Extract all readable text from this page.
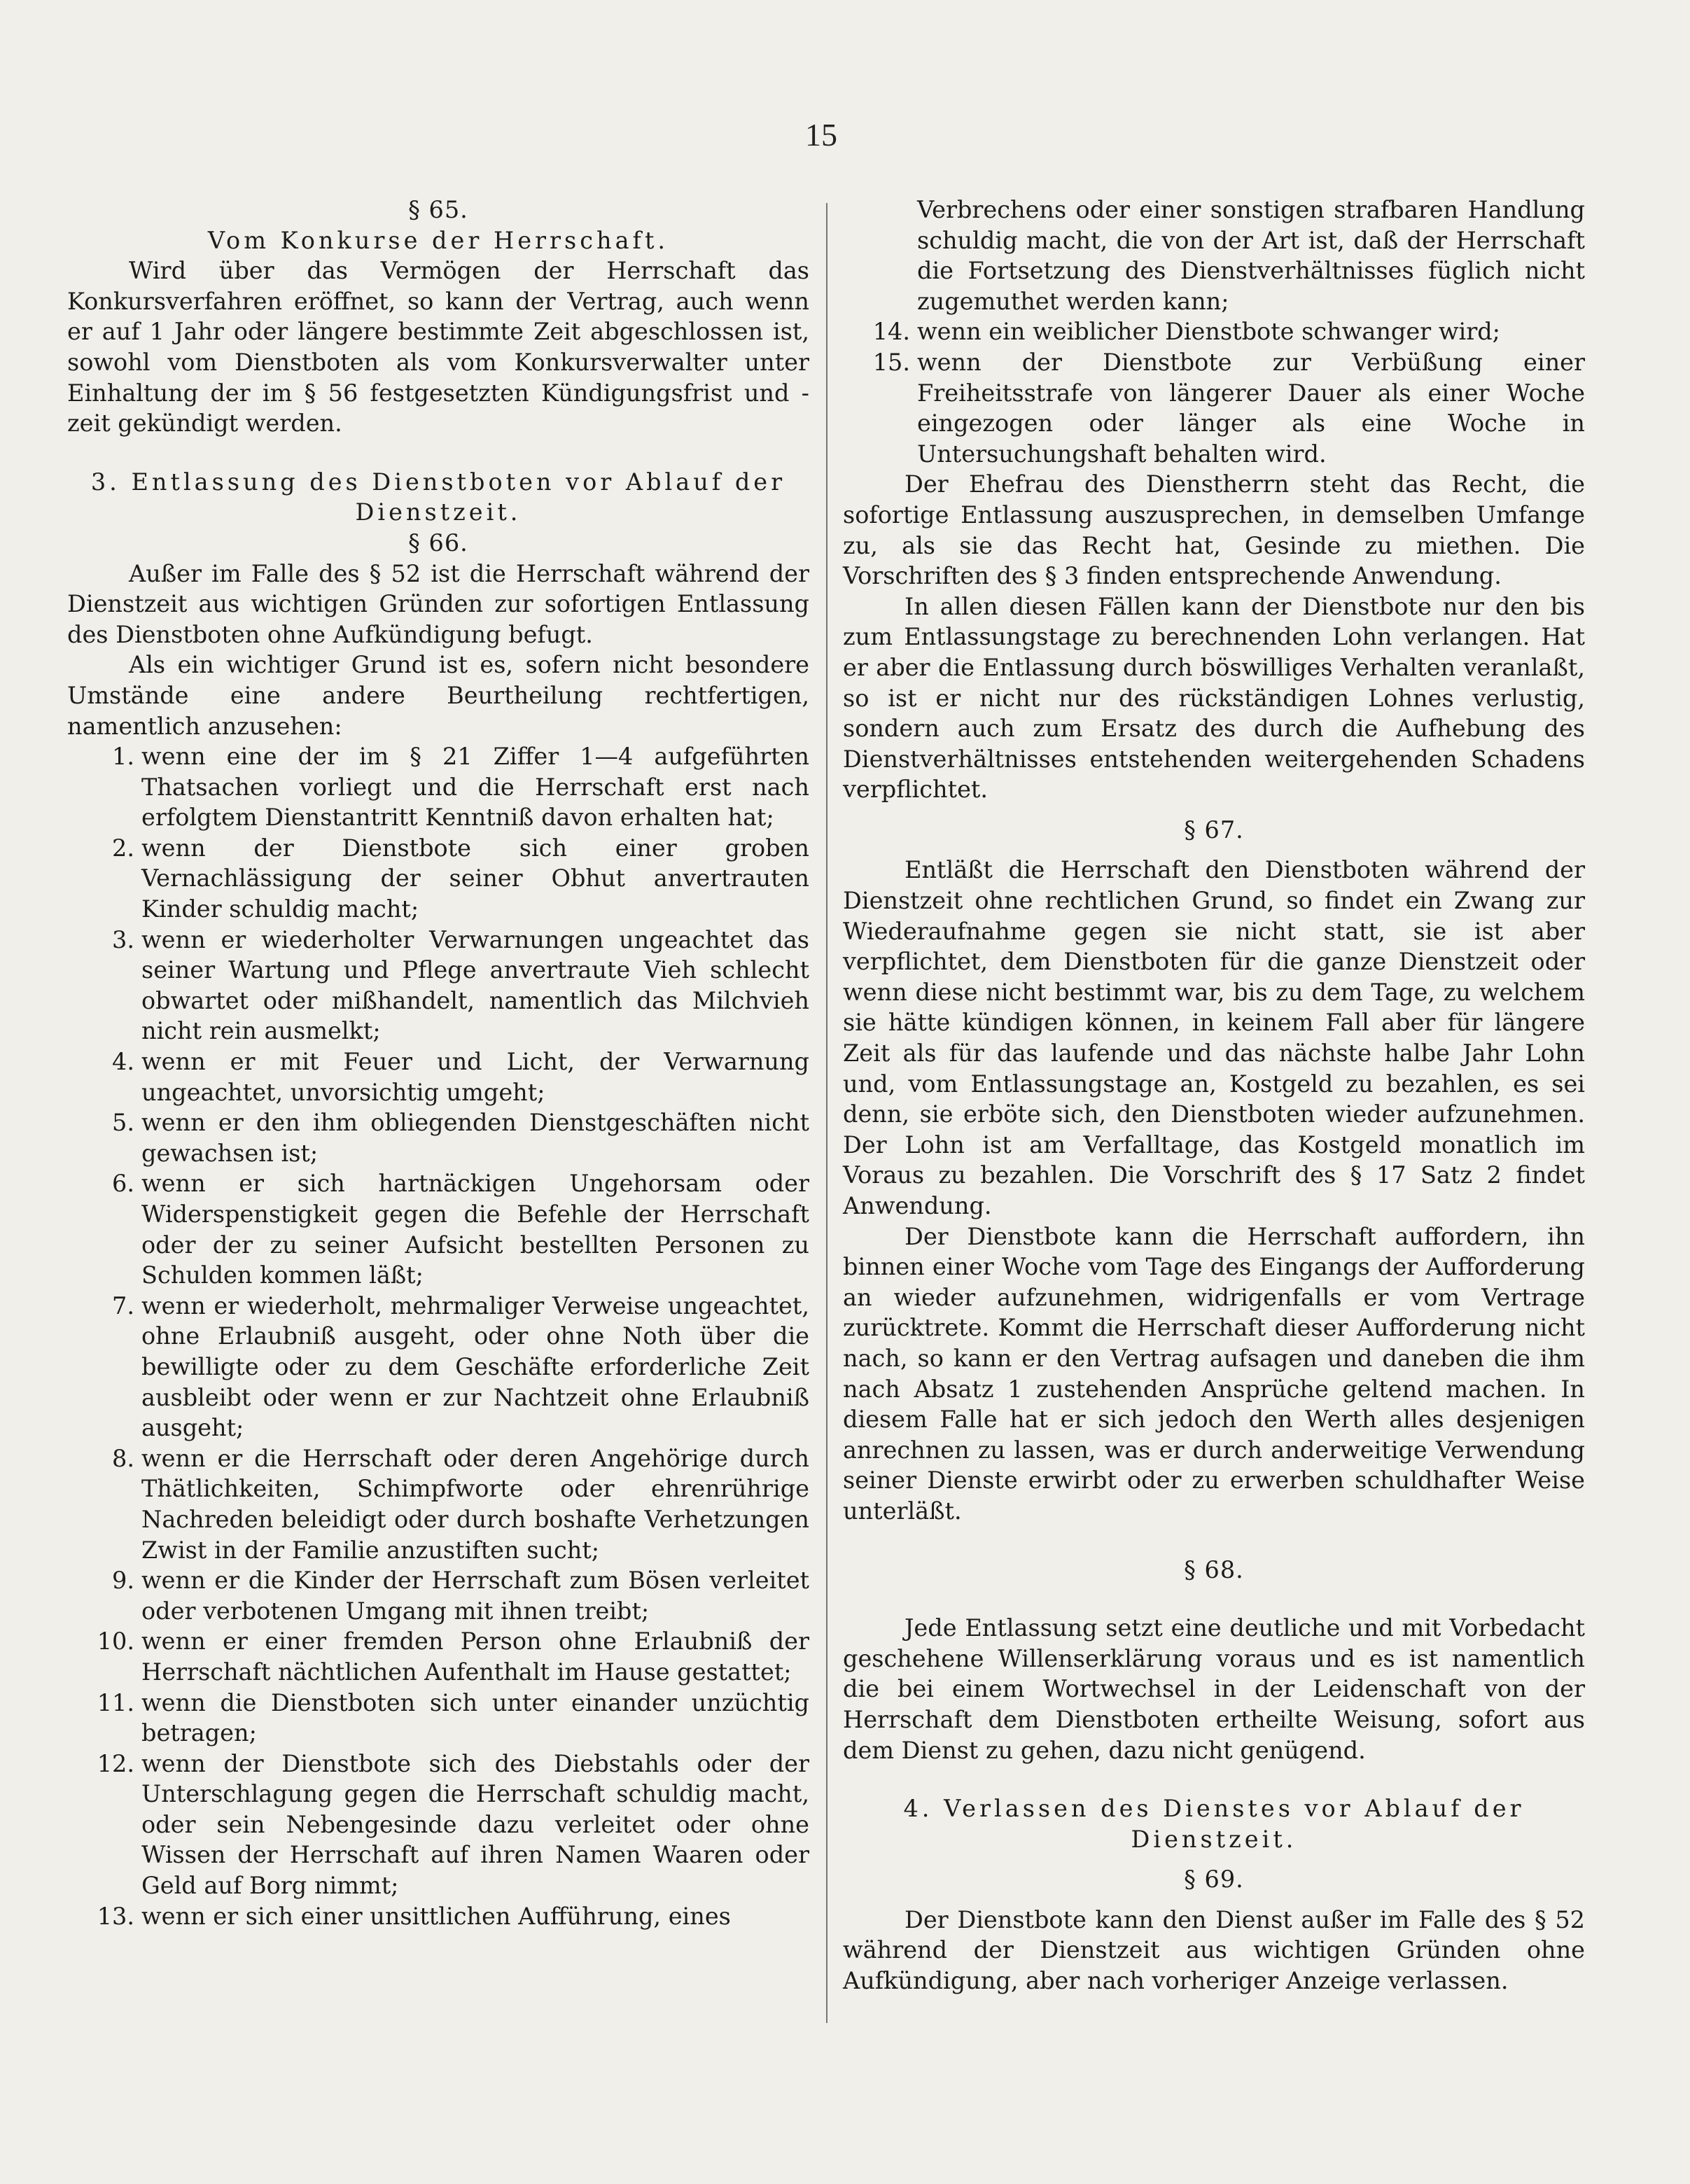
15
§ 65.
Vom Konkurse der Herrschaft.

Wird über das Vermögen der Herrschaft das Konkursverfahren eröffnet, so kann der Vertrag, auch wenn er auf 1 Jahr oder längere bestimmte Zeit abgeschlossen ist, sowohl vom Dienstboten als vom Konkursverwalter unter Einhaltung der im § 56 festgesetzten Kündigungsfrist und -zeit gekündigt werden.

3. Entlassung des Dienstboten vor Ablauf der Dienstzeit.
§ 66.

Außer im Falle des § 52 ist die Herrschaft während der Dienstzeit aus wichtigen Gründen zur sofortigen Entlassung des Dienstboten ohne Aufkündigung befugt.

Als ein wichtiger Grund ist es, sofern nicht besondere Umstände eine andere Beurtheilung rechtfertigen, namentlich anzusehen:

1. wenn eine der im § 21 Ziffer 1—4 aufgeführten Thatsachen vorliegt und die Herrschaft erst nach erfolgtem Dienstantritt Kenntniß davon erhalten hat;
2. wenn der Dienstbote sich einer groben Vernachlässigung der seiner Obhut anvertrauten Kinder schuldig macht;
3. wenn er wiederholter Verwarnungen ungeachtet das seiner Wartung und Pflege anvertraute Vieh schlecht obwartet oder mißhandelt, namentlich das Milchvieh nicht rein ausmelkt;
4. wenn er mit Feuer und Licht, der Verwarnung ungeachtet, unvorsichtig umgeht;
5. wenn er den ihm obliegenden Dienstgeschäften nicht gewachsen ist;
6. wenn er sich hartnäckigen Ungehorsam oder Widerspenstigkeit gegen die Befehle der Herrschaft oder der zu seiner Aufsicht bestellten Personen zu Schulden kommen läßt;
7. wenn er wiederholt, mehrmaliger Verweise ungeachtet, ohne Erlaubniß ausgeht, oder ohne Noth über die bewilligte oder zu dem Geschäfte erforderliche Zeit ausbleibt oder wenn er zur Nachtzeit ohne Erlaubniß ausgeht;
8. wenn er die Herrschaft oder deren Angehörige durch Thätlichkeiten, Schimpfworte oder ehrenrührige Nachreden beleidigt oder durch boshafte Verhetzungen Zwist in der Familie anzustiften sucht;
9. wenn er die Kinder der Herrschaft zum Bösen verleitet oder verbotenen Umgang mit ihnen treibt;
10. wenn er einer fremden Person ohne Erlaubniß der Herrschaft nächtlichen Aufenthalt im Hause gestattet;
11. wenn die Dienstboten sich unter einander unzüchtig betragen;
12. wenn der Dienstbote sich des Diebstahls oder der Unterschlagung gegen die Herrschaft schuldig macht, oder sein Nebengesinde dazu verleitet oder ohne Wissen der Herrschaft auf ihren Namen Waaren oder Geld auf Borg nimmt;
13. wenn er sich einer unsittlichen Aufführung, eines
Verbrechens oder einer sonstigen strafbaren Handlung schuldig macht, die von der Art ist, daß der Herrschaft die Fortsetzung des Dienstverhältnisses füglich nicht zugemuthet werden kann;
14. wenn ein weiblicher Dienstbote schwanger wird;
15. wenn der Dienstbote zur Verbüßung einer Freiheitsstrafe von längerer Dauer als einer Woche eingezogen oder länger als eine Woche in Untersuchungshaft behalten wird.

Der Ehefrau des Dienstherrn steht das Recht, die sofortige Entlassung auszusprechen, in demselben Umfange zu, als sie das Recht hat, Gesinde zu miethen. Die Vorschriften des § 3 finden entsprechende Anwendung.

In allen diesen Fällen kann der Dienstbote nur den bis zum Entlassungstage zu berechnenden Lohn verlangen. Hat er aber die Entlassung durch böswilliges Verhalten veranlaßt, so ist er nicht nur des rückständigen Lohnes verlustig, sondern auch zum Ersatz des durch die Aufhebung des Dienstverhältnisses entstehenden weitergehenden Schadens verpflichtet.

§ 67.

Entläßt die Herrschaft den Dienstboten während der Dienstzeit ohne rechtlichen Grund, so findet ein Zwang zur Wiederaufnahme gegen sie nicht statt, sie ist aber verpflichtet, dem Dienstboten für die ganze Dienstzeit oder wenn diese nicht bestimmt war, bis zu dem Tage, zu welchem sie hätte kündigen können, in keinem Fall aber für längere Zeit als für das laufende und das nächste halbe Jahr Lohn und, vom Entlassungstage an, Kostgeld zu bezahlen, es sei denn, sie erböte sich, den Dienstboten wieder aufzunehmen. Der Lohn ist am Verfalltage, das Kostgeld monatlich im Voraus zu bezahlen. Die Vorschrift des § 17 Satz 2 findet Anwendung.

Der Dienstbote kann die Herrschaft auffordern, ihn binnen einer Woche vom Tage des Eingangs der Aufforderung an wieder aufzunehmen, widrigenfalls er vom Vertrage zurücktrete. Kommt die Herrschaft dieser Aufforderung nicht nach, so kann er den Vertrag aufsagen und daneben die ihm nach Absatz 1 zustehenden Ansprüche geltend machen. In diesem Falle hat er sich jedoch den Werth alles desjenigen anrechnen zu lassen, was er durch anderweitige Verwendung seiner Dienste erwirbt oder zu erwerben schuldhafter Weise unterläßt.

§ 68.

Jede Entlassung setzt eine deutliche und mit Vorbedacht geschehene Willenserklärung voraus und es ist namentlich die bei einem Wortwechsel in der Leidenschaft von der Herrschaft dem Dienstboten ertheilte Weisung, sofort aus dem Dienst zu gehen, dazu nicht genügend.

4. Verlassen des Dienstes vor Ablauf der Dienstzeit.
§ 69.

Der Dienstbote kann den Dienst außer im Falle des § 52 während der Dienstzeit aus wichtigen Gründen ohne Aufkündigung, aber nach vorheriger Anzeige verlassen.
